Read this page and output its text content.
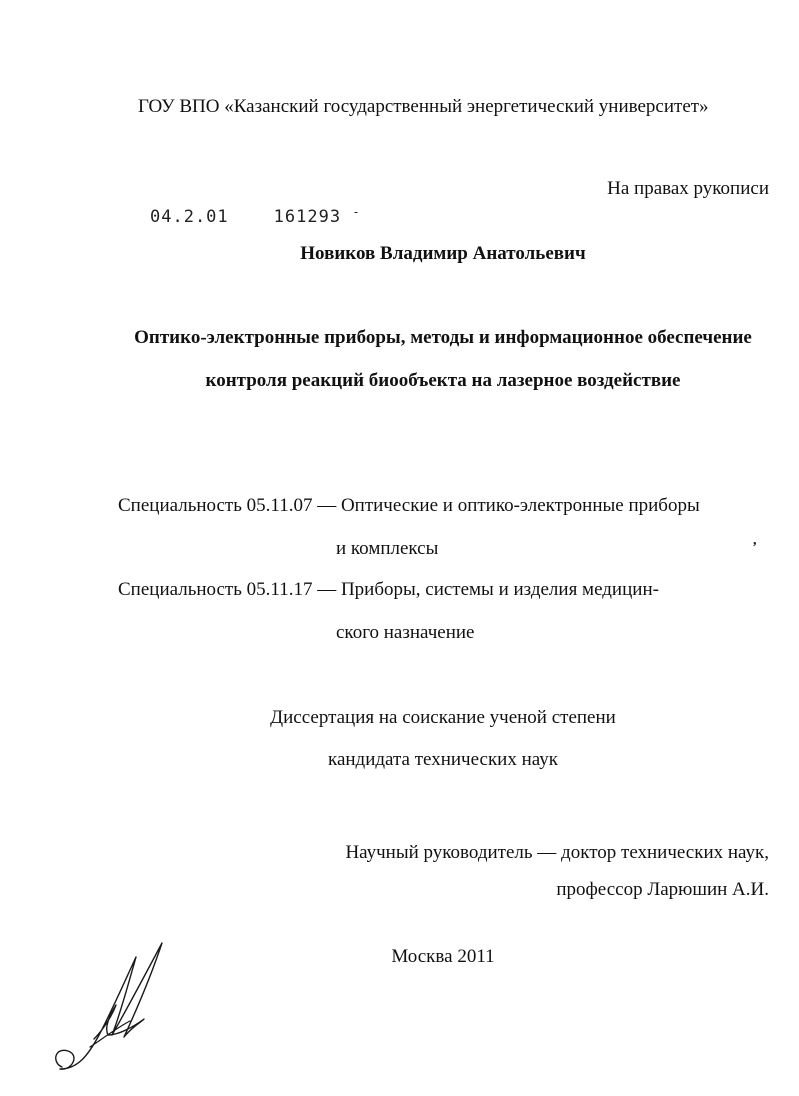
ГОУ ВПО «Казанский государственный энергетический университет»
На правах рукописи
04.2.01	161293 -
Новиков Владимир Анатольевич
Оптико-электронные приборы, методы и информационное обеспечение
контроля реакций биообъекта на лазерное воздействие
Специальность 05.11.07 — Оптические и оптико-электронные приборы
и комплексы
Специальность 05.11.17 — Приборы, системы и изделия медицин-
ского назначение
,
Диссертация на соискание ученой степени
кандидата технических наук
Научный руководитель — доктор технических наук,
профессор Ларюшин А.И.
Москва 2011
